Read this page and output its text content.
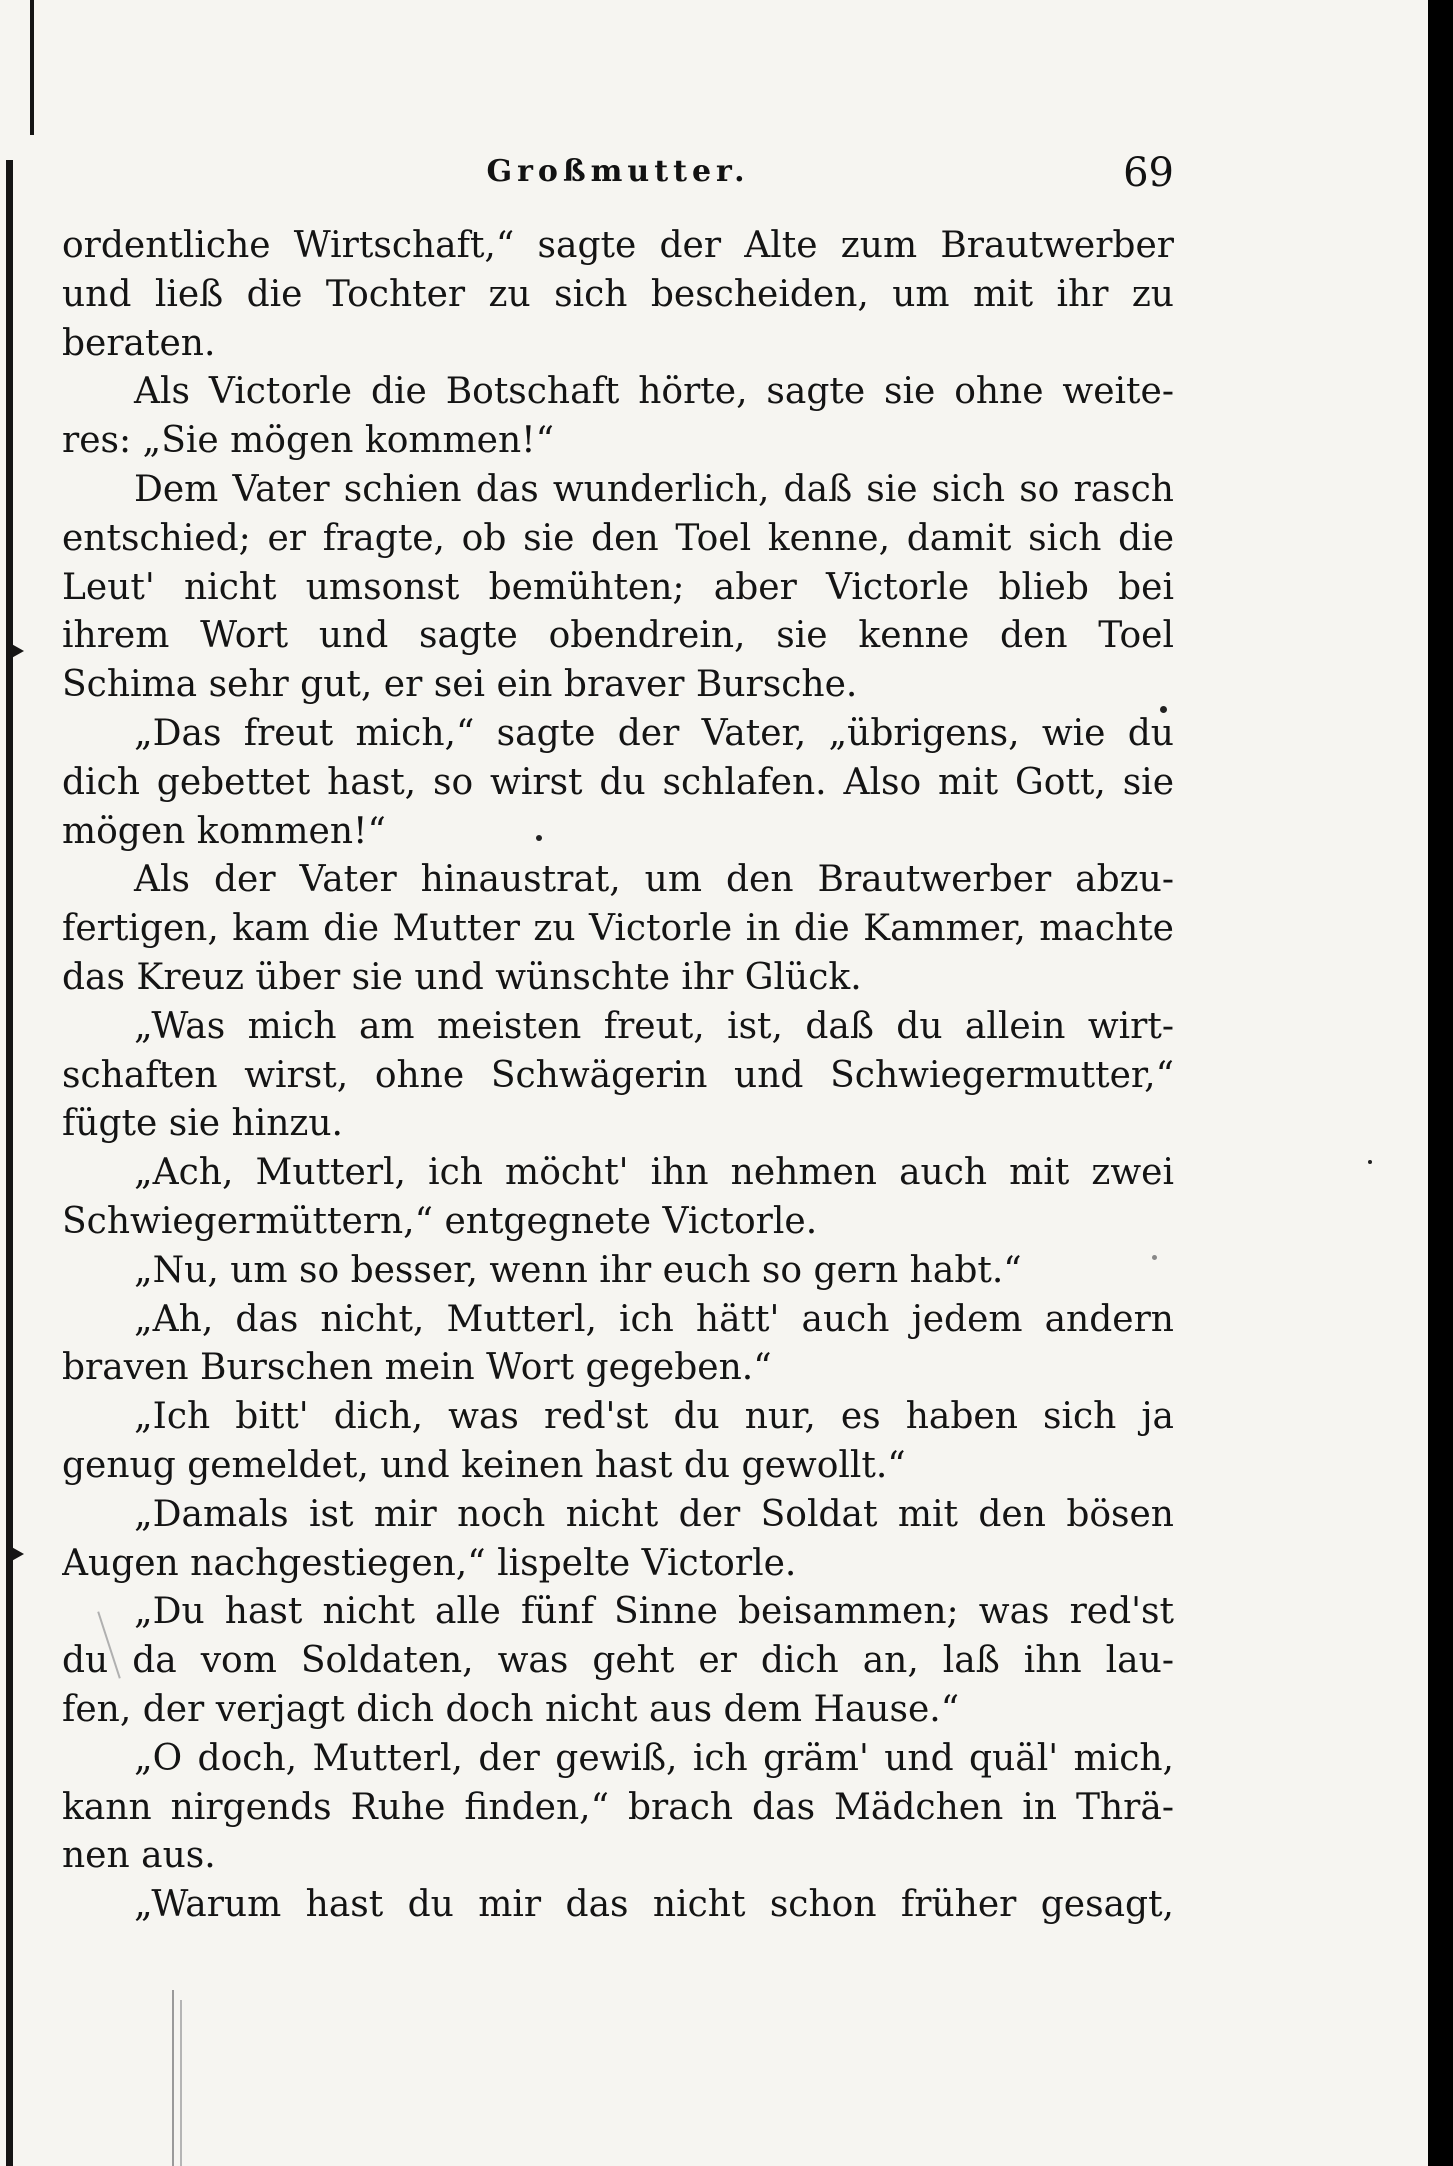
Großmutter.	69
ordentliche Wirtschaft,“ sagte der Alte zum Brautwerber
und ließ die Tochter zu sich bescheiden, um mit ihr zu
beraten.
Als Victorle die Botschaft hörte, sagte sie ohne weite-
res: „Sie mögen kommen!“
Dem Vater schien das wunderlich, daß sie sich so rasch
entschied; er fragte, ob sie den Toel kenne, damit sich die
Leut' nicht umsonst bemühten; aber Victorle blieb bei
ihrem Wort und sagte obendrein, sie kenne den Toel
Schima sehr gut, er sei ein braver Bursche.
„Das freut mich,“ sagte der Vater, „übrigens, wie du
dich gebettet hast, so wirst du schlafen. Also mit Gott, sie
mögen kommen!“
Als der Vater hinaustrat, um den Brautwerber abzu-
fertigen, kam die Mutter zu Victorle in die Kammer, machte
das Kreuz über sie und wünschte ihr Glück.
„Was mich am meisten freut, ist, daß du allein wirt-
schaften wirst, ohne Schwägerin und Schwiegermutter,“
fügte sie hinzu.
„Ach, Mutterl, ich möcht' ihn nehmen auch mit zwei
Schwiegermüttern,“ entgegnete Victorle.
„Nu, um so besser, wenn ihr euch so gern habt.“
„Ah, das nicht, Mutterl, ich hätt' auch jedem andern
braven Burschen mein Wort gegeben.“
„Ich bitt' dich, was red'st du nur, es haben sich ja
genug gemeldet, und keinen hast du gewollt.“
„Damals ist mir noch nicht der Soldat mit den bösen
Augen nachgestiegen,“ lispelte Victorle.
„Du hast nicht alle fünf Sinne beisammen; was red'st
du da vom Soldaten, was geht er dich an, laß ihn lau-
fen, der verjagt dich doch nicht aus dem Hause.“
„O doch, Mutterl, der gewiß, ich gräm' und quäl' mich,
kann nirgends Ruhe finden,“ brach das Mädchen in Thrä-
nen aus.
„Warum hast du mir das nicht schon früher gesagt,
